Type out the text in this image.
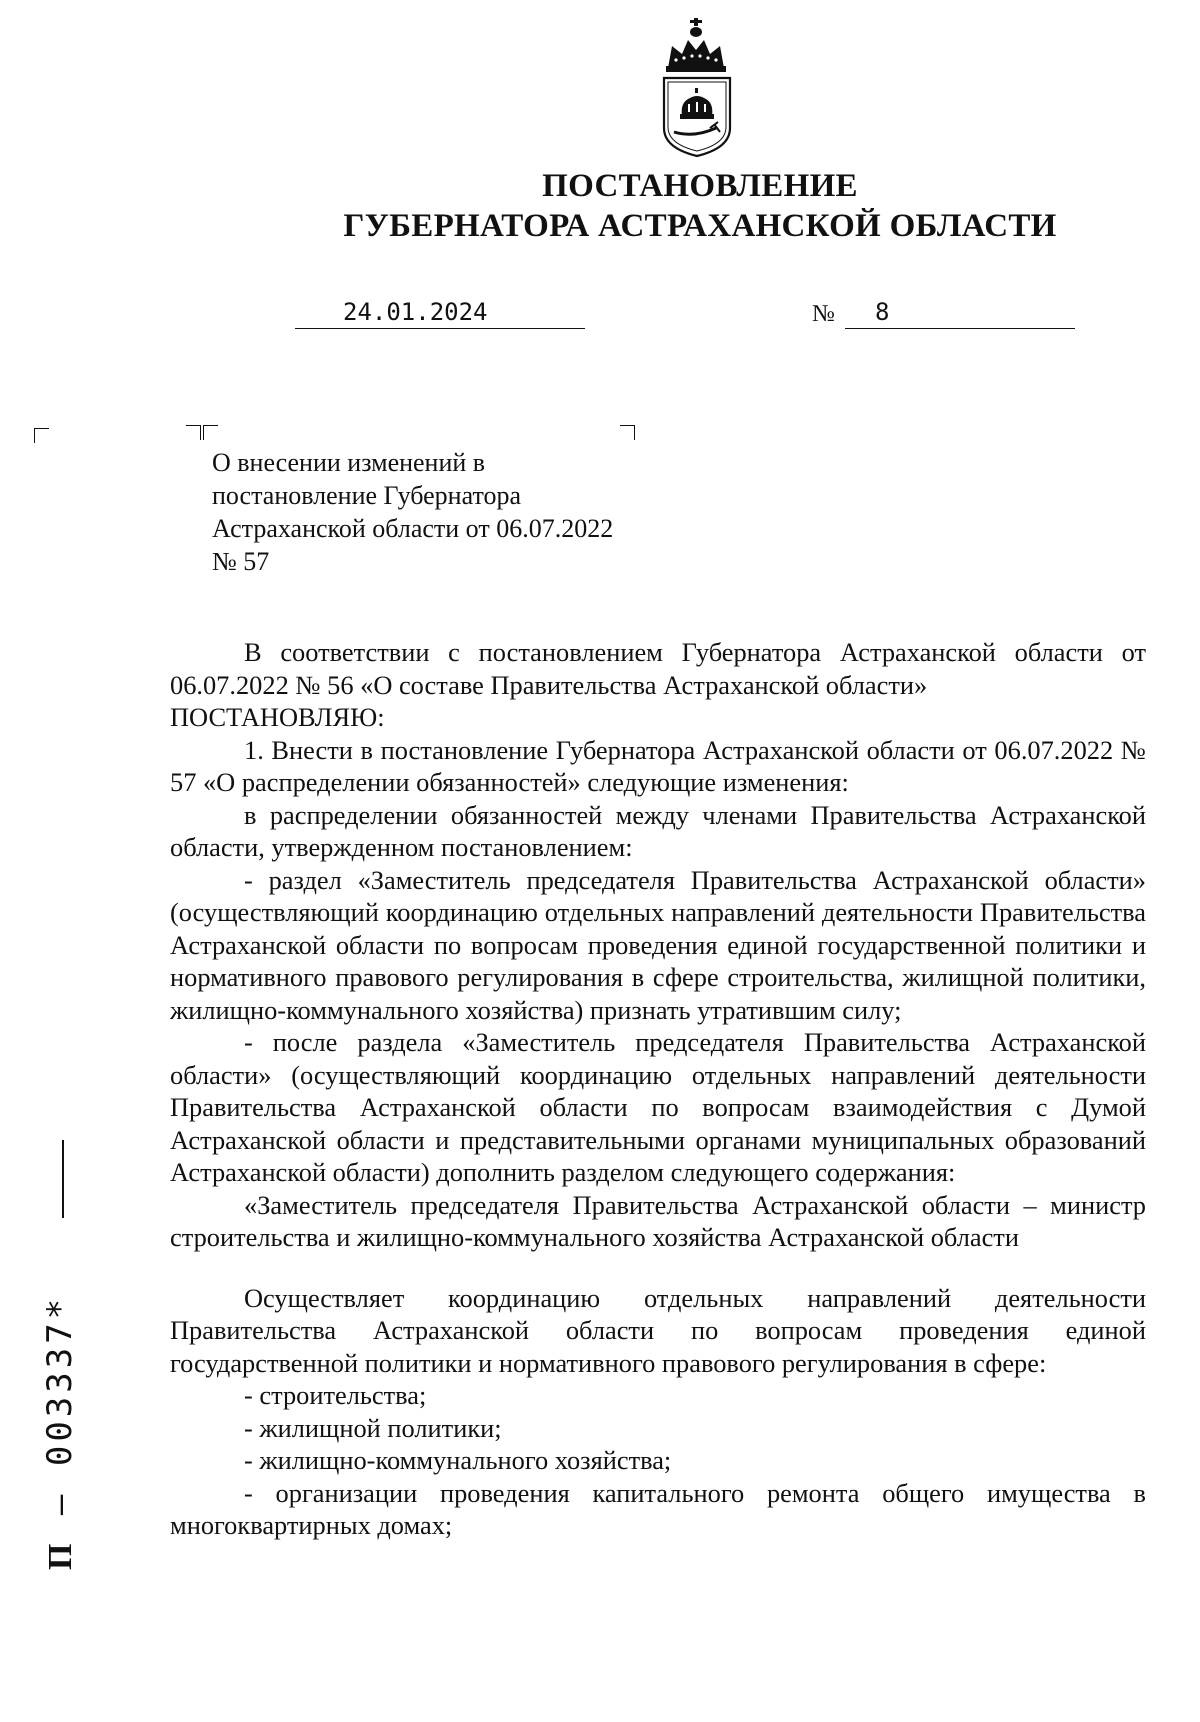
ПОСТАНОВЛЕНИЕ
ГУБЕРНАТОРА АСТРАХАНСКОЙ ОБЛАСТИ
24.01.2024	№	8
О внесении изменений в постановление Губернатора Астраханской области от 06.07.2022 № 57

В соответствии с постановлением Губернатора Астраханской области от 06.07.2022 № 56 «О составе Правительства Астраханской области»

ПОСТАНОВЛЯЮ:

1. Внести в постановление Губернатора Астраханской области от 06.07.2022 № 57 «О распределении обязанностей» следующие изменения:

в распределении обязанностей между членами Правительства Астраханской области, утвержденном постановлением:

- раздел «Заместитель председателя Правительства Астраханской области» (осуществляющий координацию отдельных направлений деятельности Правительства Астраханской области по вопросам проведения единой государственной политики и нормативного правового регулирования в сфере строительства, жилищной политики, жилищно-коммунального хозяйства) признать утратившим силу;

- после раздела «Заместитель председателя Правительства Астраханской области» (осуществляющий координацию отдельных направлений деятельности Правительства Астраханской области по вопросам взаимодействия с Думой Астраханской области и представительными органами муниципальных образований Астраханской области) дополнить разделом следующего содержания:

«Заместитель председателя Правительства Астраханской области – министр строительства и жилищно-коммунального хозяйства Астраханской области

Осуществляет координацию отдельных направлений деятельности Правительства Астраханской области по вопросам проведения единой государственной политики и нормативного правового регулирования в сфере:

- строительства;

- жилищной политики;

- жилищно-коммунального хозяйства;

- организации проведения капитального ремонта общего имущества в многоквартирных домах;

П – 003337*
